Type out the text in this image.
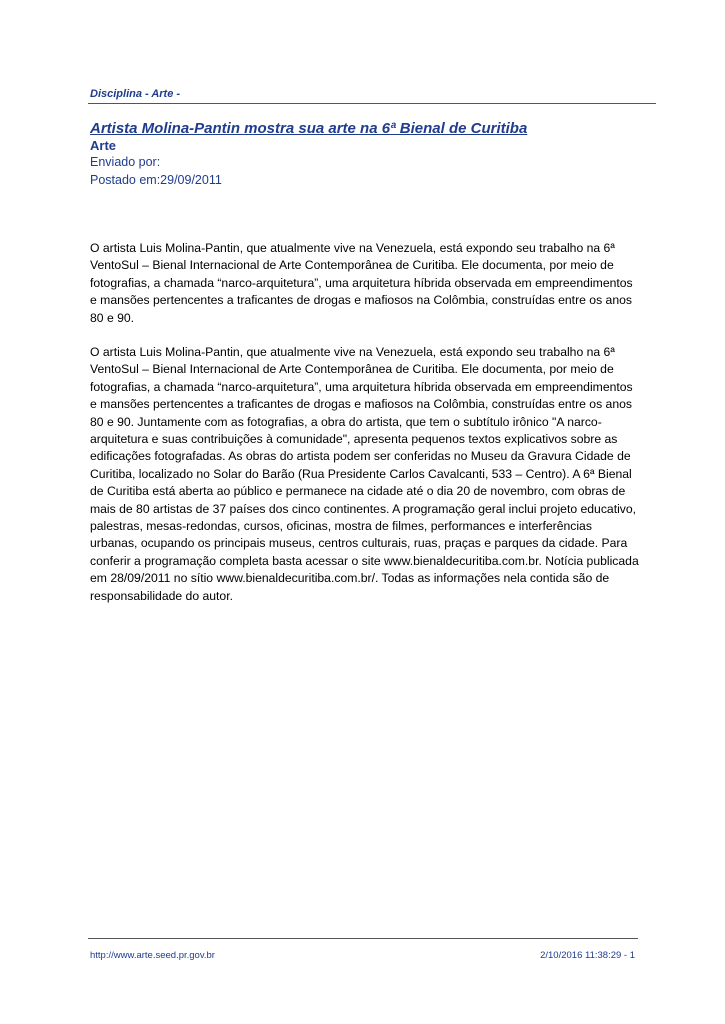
Disciplina - Arte -
Artista Molina-Pantin mostra sua arte na 6ª Bienal de Curitiba
Arte
Enviado por:
Postado em:29/09/2011

O artista Luis Molina-Pantin, que atualmente vive na Venezuela, está expondo seu trabalho na 6ª VentoSul – Bienal Internacional de Arte Contemporânea de Curitiba. Ele documenta, por meio de fotografias, a chamada “narco-arquitetura”, uma arquitetura híbrida observada em empreendimentos e mansões pertencentes a traficantes de drogas e mafiosos na Colômbia, construídas entre os anos 80 e 90.

O artista Luis Molina-Pantin, que atualmente vive na Venezuela, está expondo seu trabalho na 6ª VentoSul – Bienal Internacional de Arte Contemporânea de Curitiba. Ele documenta, por meio de fotografias, a chamada “narco-arquitetura”, uma arquitetura híbrida observada em empreendimentos e mansões pertencentes a traficantes de drogas e mafiosos na Colômbia, construídas entre os anos 80 e 90. Juntamente com as fotografias, a obra do artista, que tem o subtítulo irônico "A narco-arquitetura e suas contribuições à comunidade", apresenta pequenos textos explicativos sobre as edificações fotografadas. As obras do artista podem ser conferidas no Museu da Gravura Cidade de Curitiba, localizado no Solar do Barão (Rua Presidente Carlos Cavalcanti, 533 – Centro). A 6ª Bienal de Curitiba está aberta ao público e permanece na cidade até o dia 20 de novembro, com obras de mais de 80 artistas de 37 países dos cinco continentes. A programação geral inclui projeto educativo, palestras, mesas-redondas, cursos, oficinas, mostra de filmes, performances e interferências urbanas, ocupando os principais museus, centros culturais, ruas, praças e parques da cidade. Para conferir a programação completa basta acessar o site www.bienaldecuritiba.com.br. Notícia publicada em 28/09/2011 no sítio www.bienaldecuritiba.com.br/. Todas as informações nela contida são de responsabilidade do autor.

http://www.arte.seed.pr.gov.br	2/10/2016 11:38:29 - 1
